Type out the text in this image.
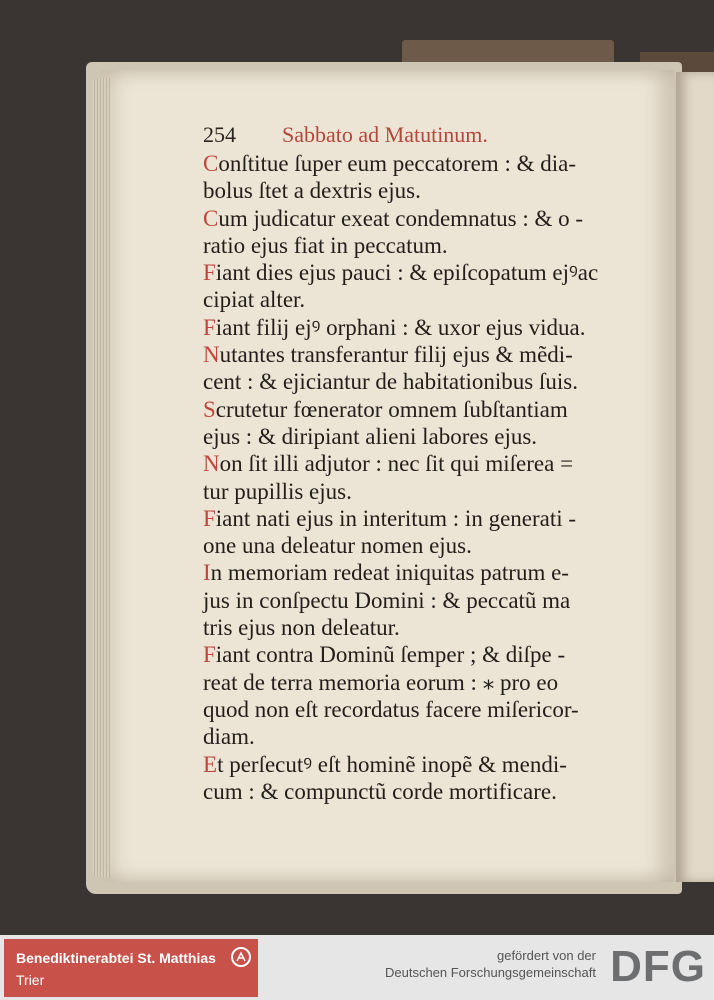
254 Sabbato ad Matutinum.
Conſtitue ſuper eum peccatorem : & dia-
bolus ſtet a dextris ejus.
Cum judicatur exeat condemnatus : & o -
ratio ejus fiat in peccatum.
Fiant dies ejus pauci : & epiſcopatum ejꝰac
cipiat alter.
Fiant filij ejꝰ orphani : & uxor ejus vidua.
Nutantes transferantur filij ejus & mẽdi-
cent : & ejiciantur de habitationibus ſuis.
Scrutetur fœnerator omnem ſubſtantiam
ejus : & diripiant alieni labores ejus.
Non ſit illi adjutor : nec ſit qui miſerea =
tur pupillis ejus.
Fiant nati ejus in interitum : in generati -
one una deleatur nomen ejus.
In memoriam redeat iniquitas patrum e-
jus in conſpectu Domini : & peccatũ ma
tris ejus non deleatur.
Fiant contra Dominũ ſemper ; & diſpe -
reat de terra memoria eorum : ⁎ pro eo
quod non eſt recordatus facere miſericor-
diam.
Et perſecutꝰ eſt hominẽ inopẽ & mendi-
cum : & compunctũ corde mortificare.
Benediktinerabtei St. Matthias
Trier
gefördert von der
Deutschen Forschungsgemeinschaft DFG
